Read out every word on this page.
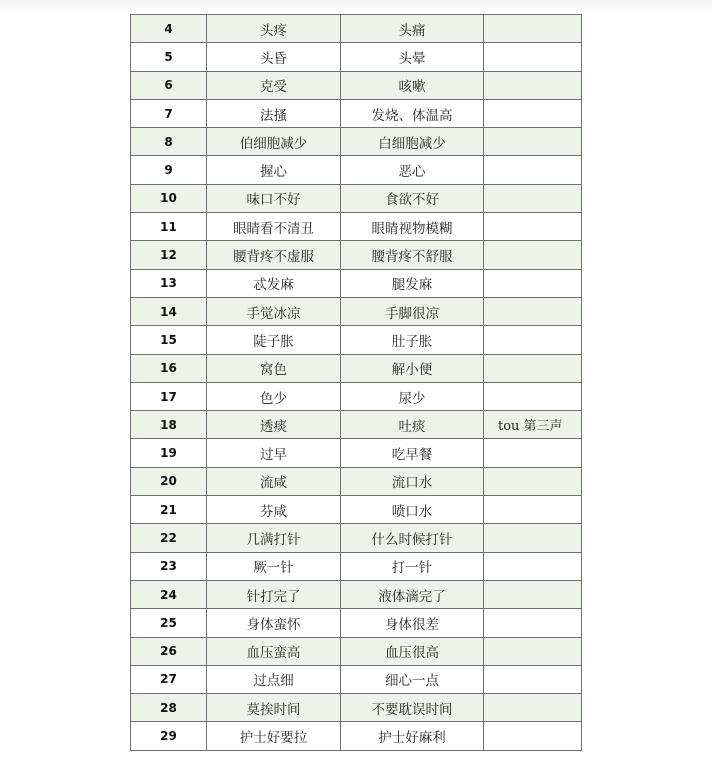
4	头疼	头痛	
5	头昏	头晕	
6	克受	咳嗽	
7	法搔	发烧、体温高	
8	伯细胞减少	白细胞减少	
9	握心	恶心	
10	味口不好	食欲不好	
11	眼睛看不清丑	眼睛视物模糊	
12	腰背疼不虚服	腰背疼不舒服	
13	忒发麻	腿发麻	
14	手觉冰凉	手脚很凉	
15	陡子胀	肚子胀	
16	窝色	解小便	
17	色少	尿少	
18	透痰	吐痰	tou 第三声
19	过早	吃早餐	
20	流咸	流口水	
21	芬咸	喷口水	
22	几满打针	什么时候打针	
23	厥一针	打一针	
24	针打完了	液体滴完了	
25	身体蛮怀	身体很差	
26	血压蛮高	血压很高	
27	过点细	细心一点	
28	莫挨时间	不要耽误时间	
29	护士好要拉	护士好麻利	
